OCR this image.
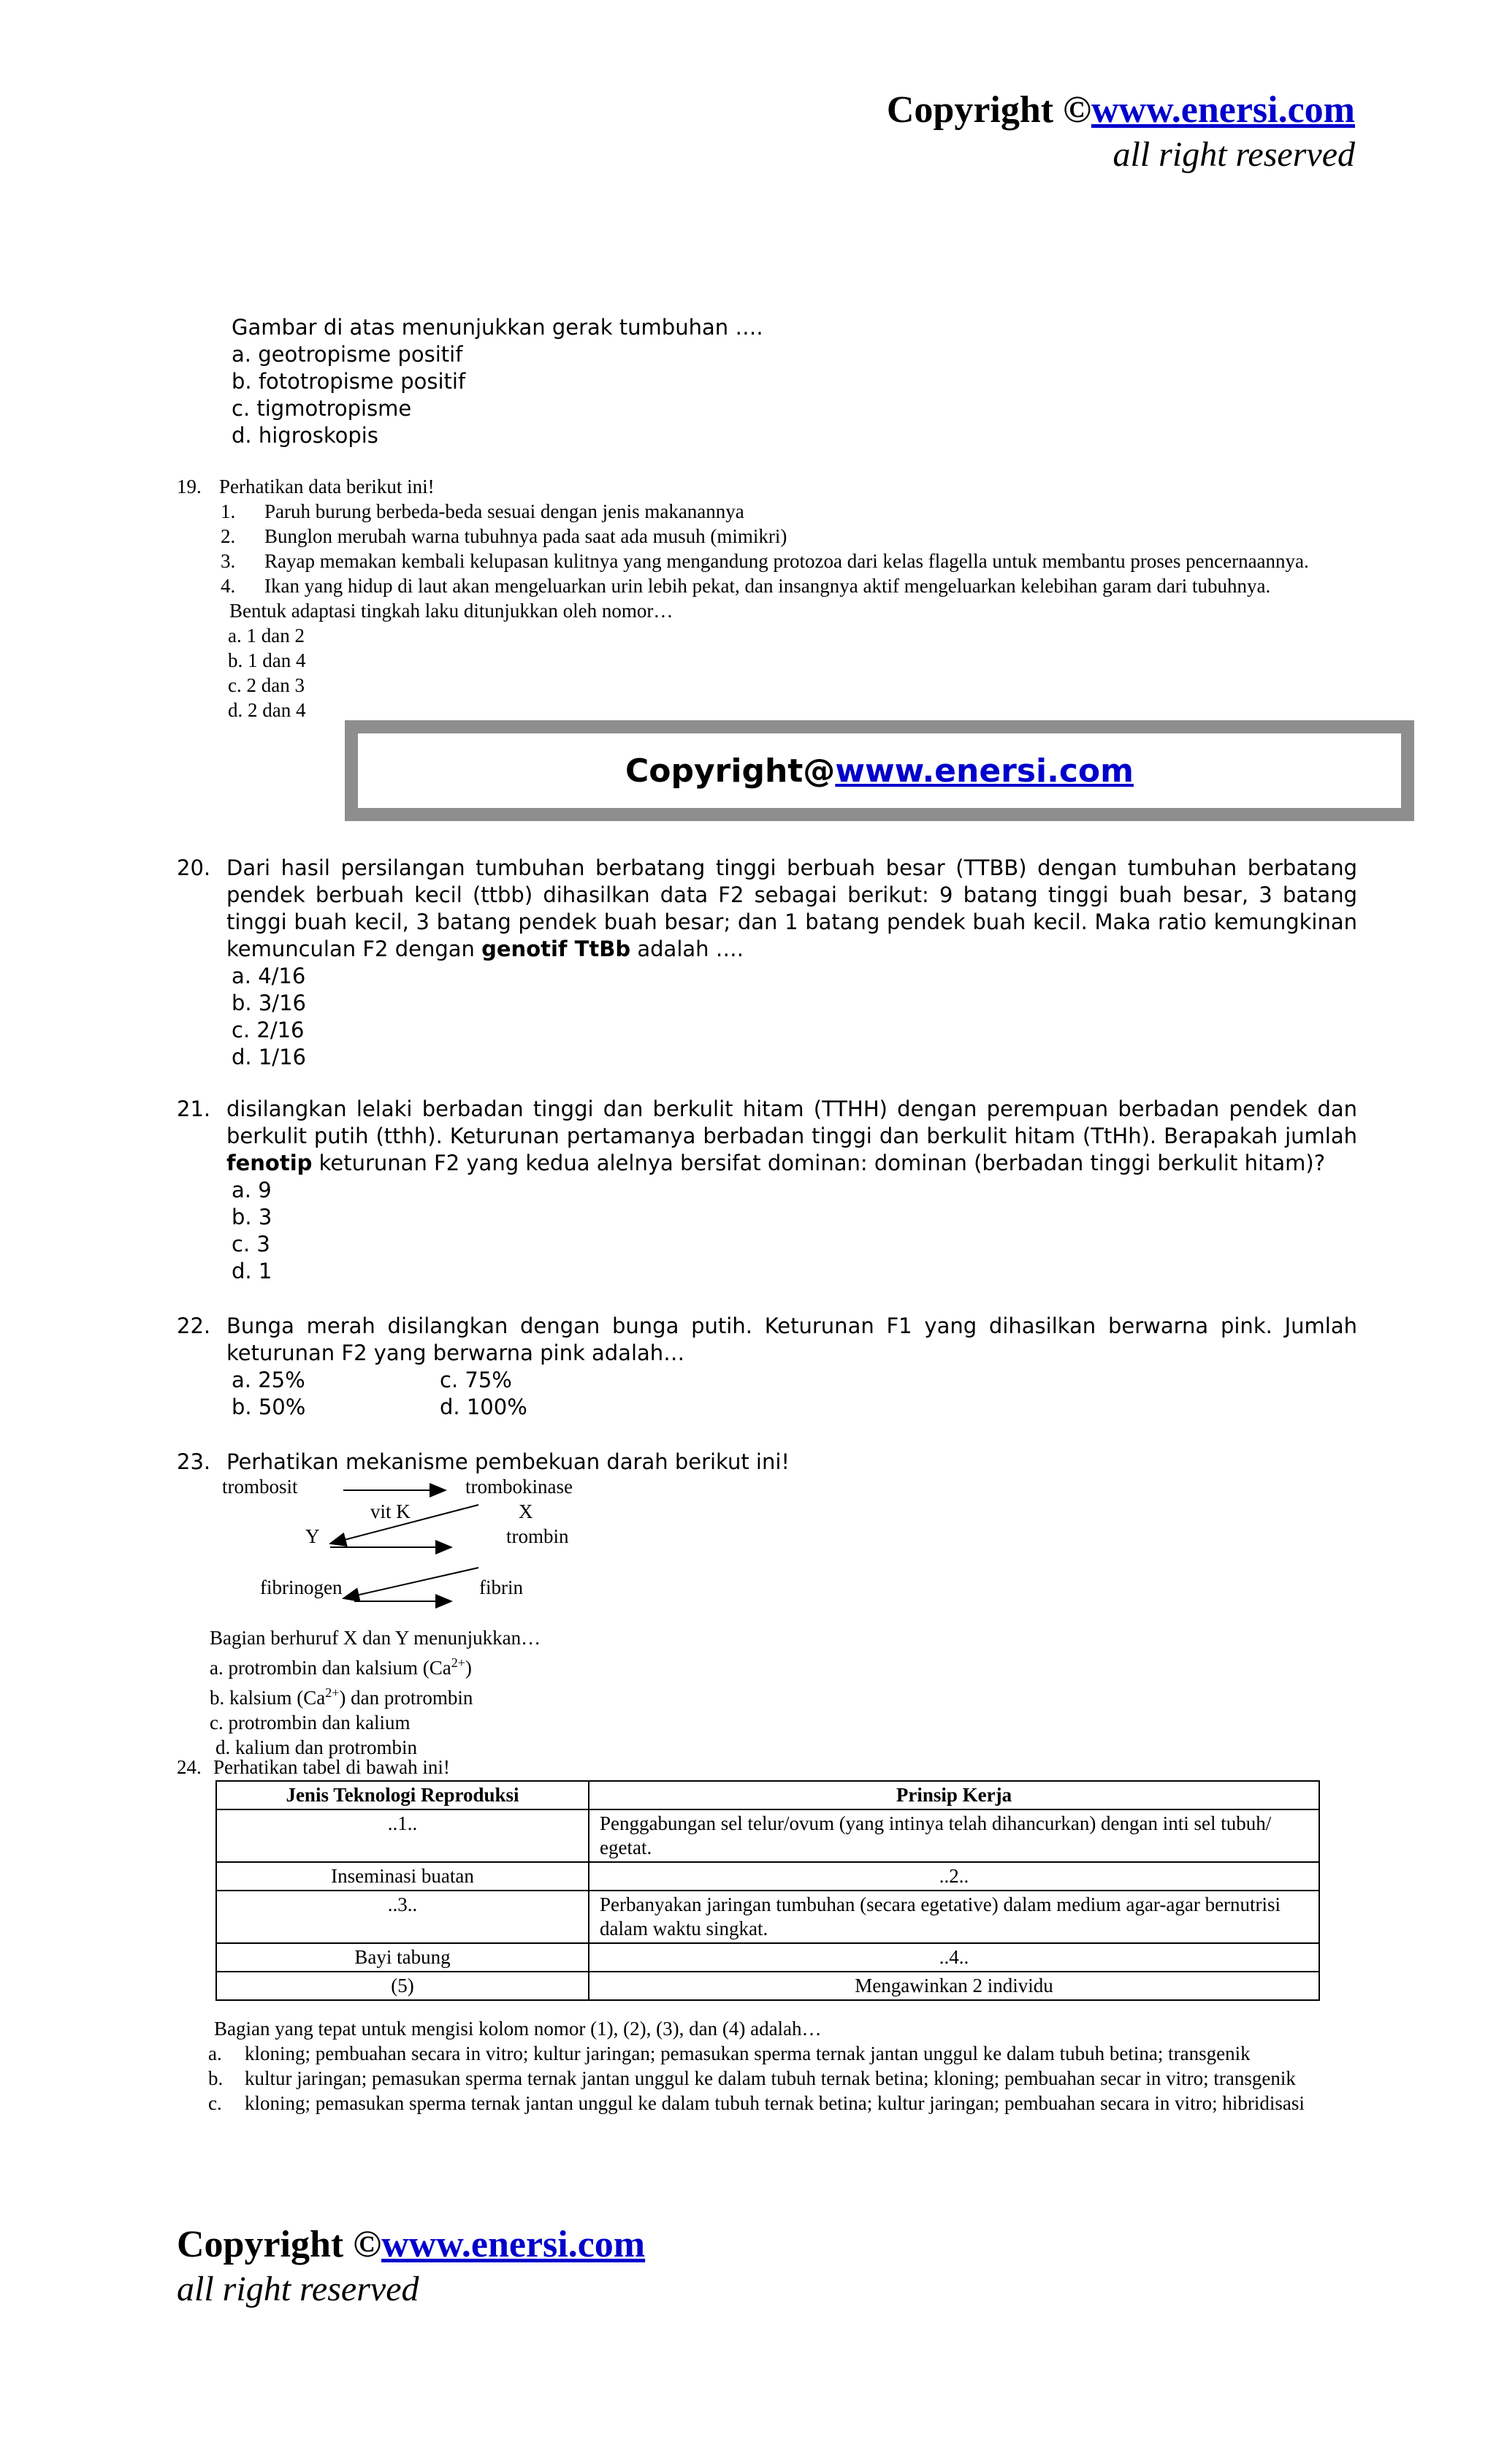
Copyright ©www.enersi.com
all right reserved
Gambar di atas menunjukkan gerak tumbuhan ….
a. geotropisme positif
b. fototropisme positif
c. tigmotropisme
d. higroskopis
19. Perhatikan data berikut ini!
1.	Paruh burung berbeda-beda sesuai dengan jenis makanannya
2.	Bunglon merubah warna tubuhnya pada saat ada musuh (mimikri)
3.	Rayap memakan kembali kelupasan kulitnya yang mengandung protozoa dari kelas flagella untuk membantu proses pencernaannya.
4.	Ikan yang hidup di laut akan mengeluarkan urin lebih pekat, dan insangnya aktif mengeluarkan kelebihan garam dari tubuhnya.
Bentuk adaptasi tingkah laku ditunjukkan oleh nomor…
a. 1 dan 2
b. 1 dan 4
c. 2 dan 3
d. 2 dan 4
Copyright@ www.enersi.com
20. Dari hasil persilangan tumbuhan berbatang tinggi berbuah besar (TTBB) dengan tumbuhan berbatang pendek berbuah kecil (ttbb) dihasilkan data F2 sebagai berikut: 9 batang tinggi buah besar, 3 batang tinggi buah kecil, 3 batang pendek buah besar; dan 1 batang pendek buah kecil. Maka ratio kemungkinan kemunculan F2 dengan genotif TtBb adalah ….
a. 4/16
b. 3/16
c. 2/16
d. 1/16
21. disilangkan lelaki berbadan tinggi dan berkulit hitam (TTHH) dengan perempuan berbadan pendek dan berkulit putih (tthh). Keturunan pertamanya berbadan tinggi dan berkulit hitam (TtHh). Berapakah jumlah fenotip keturunan F2 yang kedua alelnya bersifat dominan: dominan (berbadan tinggi berkulit hitam)?
a. 9
b. 3
c. 3
d. 1
22. Bunga merah disilangkan dengan bunga putih. Keturunan F1 yang dihasilkan berwarna pink. Jumlah keturunan F2 yang berwarna pink adalah…
a. 25%	c. 75%
b. 50%	d. 100%
23. Perhatikan mekanisme pembekuan darah berikut ini!
trombosit	trombokinase
vit K	X
Y	trombin
fibrinogen	fibrin
Bagian berhuruf X dan Y menunjukkan…
a. protrombin dan kalsium $(Ca^{2+})$
b. kalsium $(Ca^{2+})$ dan protrombin
c. protrombin dan kalium
d. kalium dan protrombin
24. Perhatikan tabel di bawah ini!
Jenis Teknologi Reproduksi	Prinsip Kerja
..1..	Penggabungan sel telur/ovum (yang intinya telah dihancurkan) dengan inti sel tubuh/ egetat.
Inseminasi buatan	..2..
..3..	Perbanyakan jaringan tumbuhan (secara egetative) dalam medium agar-agar bernutrisi dalam waktu singkat.
Bayi tabung	..4..
(5)	Mengawinkan 2 individu
Bagian yang tepat untuk mengisi kolom nomor (1), (2), (3), dan (4) adalah…
a.	kloning; pembuahan secara in vitro; kultur jaringan; pemasukan sperma ternak jantan unggul ke dalam tubuh betina; transgenik
b.	kultur jaringan; pemasukan sperma ternak jantan unggul ke dalam tubuh ternak betina; kloning; pembuahan secar in vitro; transgenik
c.	kloning; pemasukan sperma ternak jantan unggul ke dalam tubuh ternak betina; kultur jaringan; pembuahan secara in vitro; hibridisasi
Copyright ©www.enersi.com
all right reserved
